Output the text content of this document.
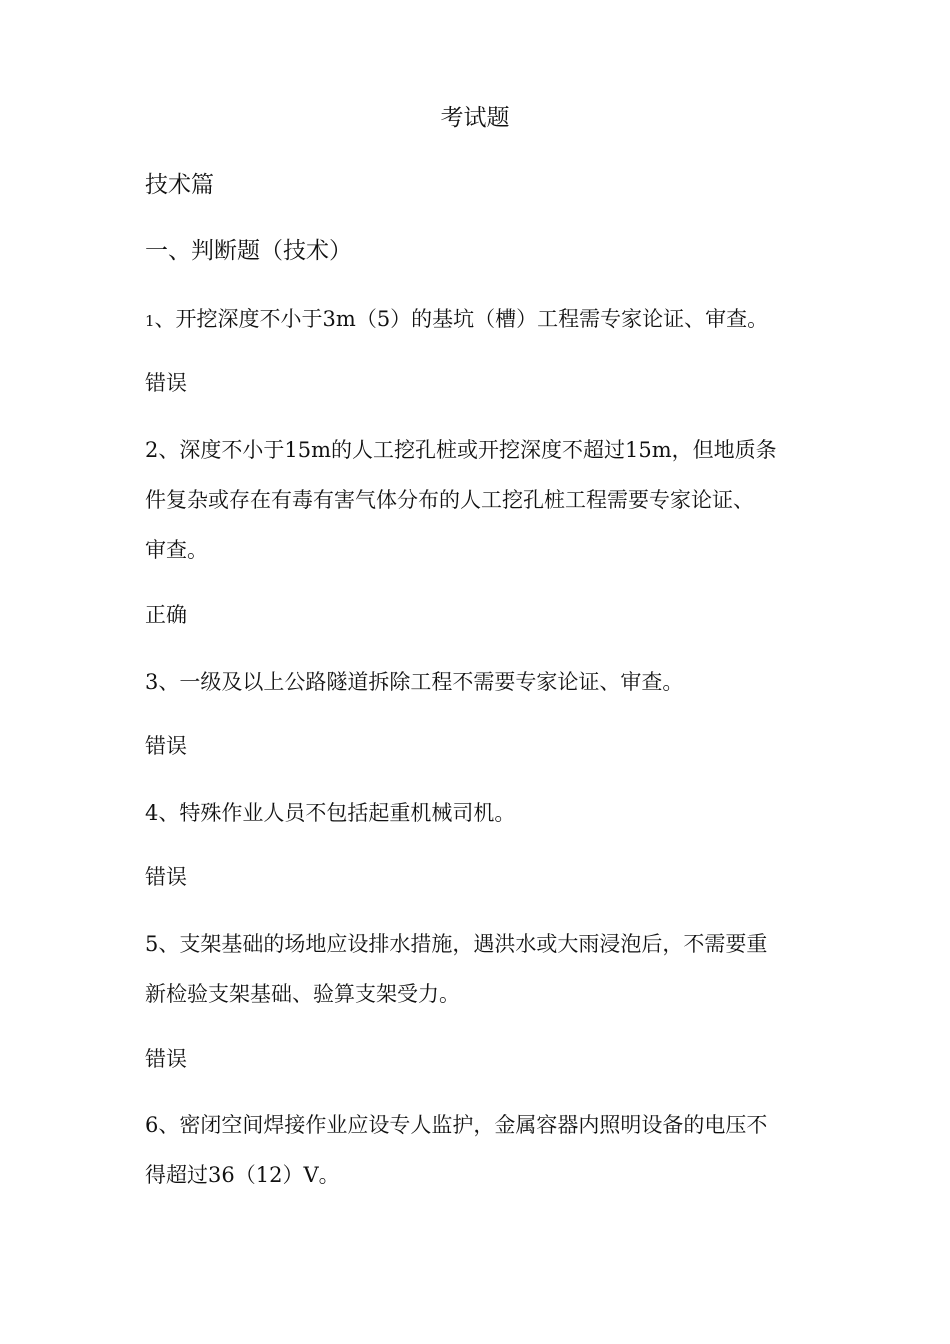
考试题
技术篇
一、判断题（技术）
1、开挖深度不小于3m（5）的基坑（槽）工程需专家论证、审查。
错误
2、深度不小于15m的人工挖孔桩或开挖深度不超过15m，但地质条
件复杂或存在有毒有害气体分布的人工挖孔桩工程需要专家论证、
审查。
正确
3、一级及以上公路隧道拆除工程不需要专家论证、审查。
错误
4、特殊作业人员不包括起重机械司机。
错误
5、支架基础的场地应设排水措施，遇洪水或大雨浸泡后，不需要重
新检验支架基础、验算支架受力。
错误
6、密闭空间焊接作业应设专人监护，金属容器内照明设备的电压不
得超过36（12）V。
